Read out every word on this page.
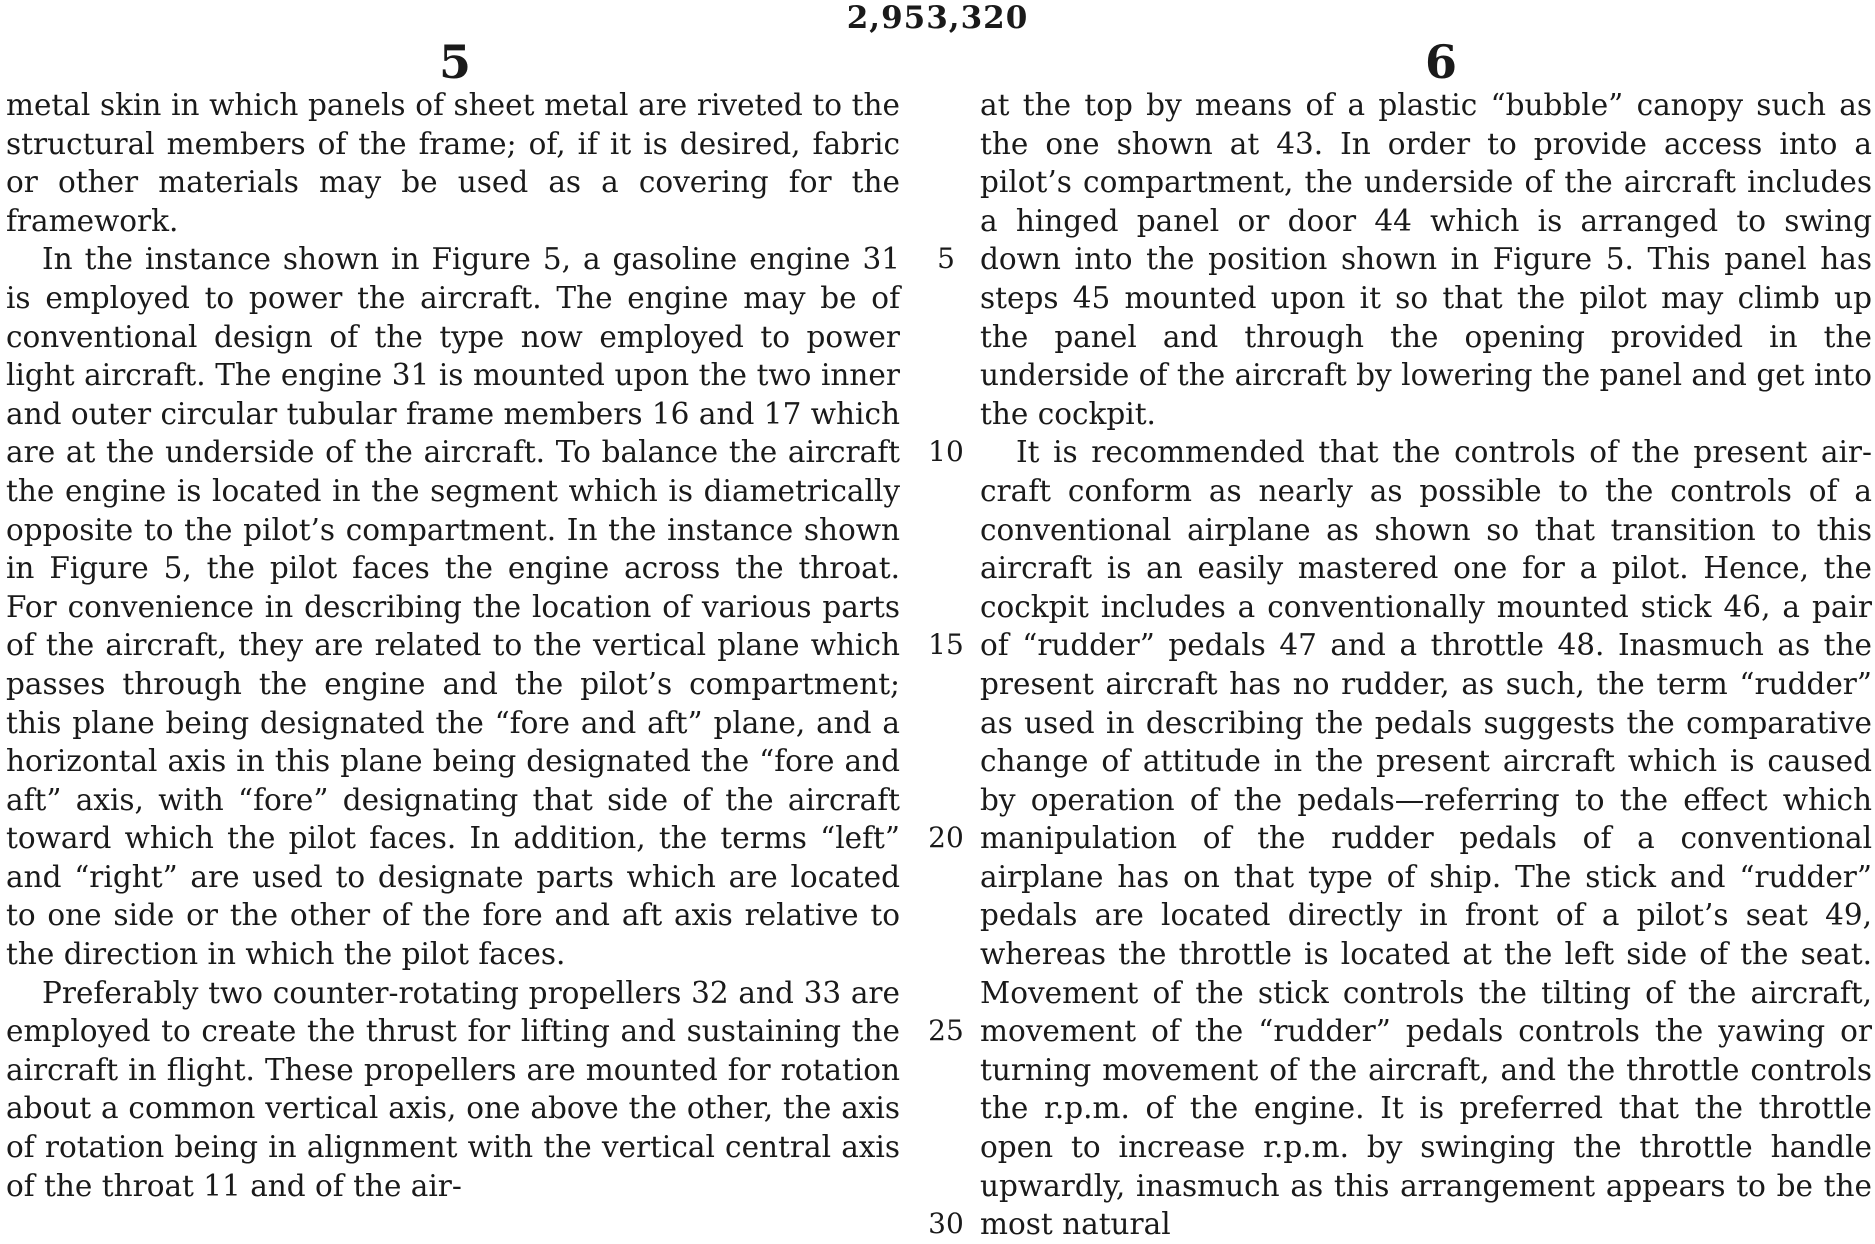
2,953,320
5	6

metal skin in which panels of sheet metal are riveted to the structural members of the frame; of, if it is desired, fabric or other materials may be used as a covering for the framework.

In the instance shown in Figure 5, a gasoline engine 31 is employed to power the aircraft. The engine may be of conventional design of the type now employed to power light aircraft. The engine 31 is mounted upon the two inner and outer circular tubular frame members 16 and 17 which are at the underside of the aircraft. To balance the aircraft the engine is located in the segment which is diametrically opposite to the pilot’s compartment. In the instance shown in Figure 5, the pilot faces the engine across the throat. For convenience in describing the location of various parts of the aircraft, they are related to the vertical plane which passes through the engine and the pilot’s compartment; this plane being designated the “fore and aft” plane, and a horizontal axis in this plane being designated the “fore and aft” axis, with “fore” designating that side of the aircraft toward which the pilot faces. In addition, the terms “left” and “right” are used to designate parts which are located to one side or the other of the fore and aft axis relative to the direction in which the pilot faces.

Preferably two counter-rotating propellers 32 and 33 are employed to create the thrust for lifting and sustaining the aircraft in flight. These propellers are mounted for rotation about a common vertical axis, one above the other, the axis of rotation being in alignment with the vertical central axis of the throat 11 and of the air-

5
10
15
20
25
30

at the top by means of a plastic “bubble” canopy such as the one shown at 43. In order to provide access into a pilot’s compartment, the underside of the aircraft includes a hinged panel or door 44 which is arranged to swing down into the position shown in Figure 5. This panel has steps 45 mounted upon it so that the pilot may climb up the panel and through the opening provided in the underside of the aircraft by lowering the panel and get into the cockpit.

It is recommended that the controls of the present aircraft conform as nearly as possible to the controls of a conventional airplane as shown so that transition to this aircraft is an easily mastered one for a pilot. Hence, the cockpit includes a conventionally mounted stick 46, a pair of “rudder” pedals 47 and a throttle 48. Inasmuch as the present aircraft has no rudder, as such, the term “rudder” as used in describing the pedals suggests the comparative change of attitude in the present aircraft which is caused by operation of the pedals—referring to the effect which manipulation of the rudder pedals of a conventional airplane has on that type of ship. The stick and “rudder” pedals are located directly in front of a pilot’s seat 49, whereas the throttle is located at the left side of the seat. Movement of the stick controls the tilting of the aircraft, movement of the “rudder” pedals controls the yawing or turning movement of the aircraft, and the throttle controls the r.p.m. of the engine. It is preferred that the throttle open to increase r.p.m. by swinging the throttle handle upwardly, inasmuch as this arrangement appears to be the most natural
